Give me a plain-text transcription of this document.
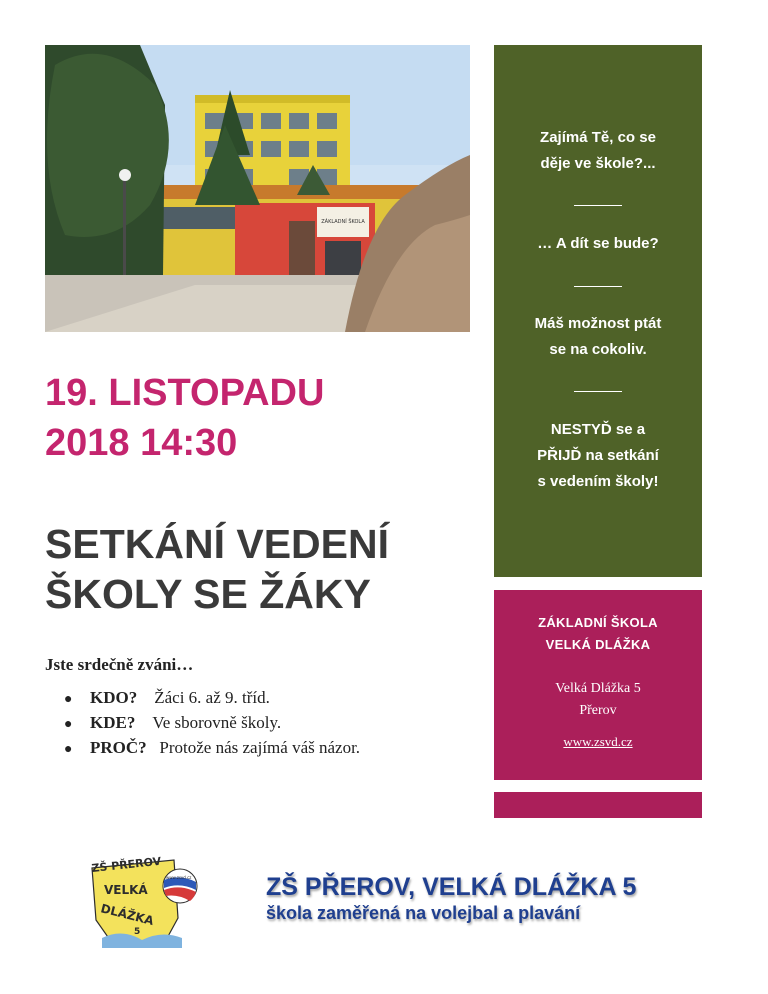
ZÁKLADNÍ ŠKOLA
19. LISTOPADU
2018 14:30
SETKÁNÍ VEDENÍ
ŠKOLY SE ŽÁKY

Jste srdečně zváni…

● KDO? Žáci 6. až 9. tříd.
● KDE? Ve sborovně školy.
● PROČ? Protože nás zajímá váš názor.
Zajímá Tě, co se
děje ve škole?...
… A dít se bude?
Máš možnost ptát
se na cokoliv.
NESTYĎ se a
PŘIJĎ na setkání
s vedením školy!
ZÁKLADNÍ ŠKOLA
VELKÁ DLÁŽKA
Velká Dlážka 5
Přerov
www.zsvd.cz
ZŠ PŘEROV
VELKÁ
DLÁŽKA
5
www.zsvd.cz	ZŠ PŘEROV, VELKÁ DLÁŽKA 5
škola zaměřená na volejbal a plavání
